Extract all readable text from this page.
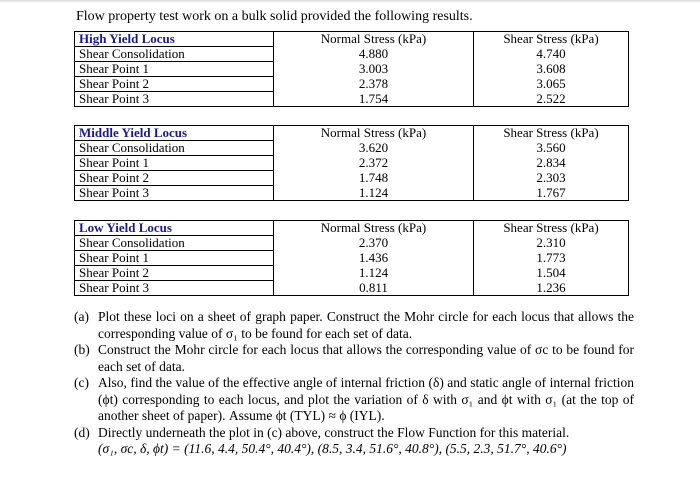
Flow property test work on a bulk solid provided the following results.
High Yield Locus	Normal Stress (kPa)	Shear Stress (kPa)
Shear Consolidation	4.880	4.740
Shear Point 1	3.003	3.608
Shear Point 2	2.378	3.065
Shear Point 3	1.754	2.522
Middle Yield Locus	Normal Stress (kPa)	Shear Stress (kPa)
Shear Consolidation	3.620	3.560
Shear Point 1	2.372	2.834
Shear Point 2	1.748	2.303
Shear Point 3	1.124	1.767
Low Yield Locus	Normal Stress (kPa)	Shear Stress (kPa)
Shear Consolidation	2.370	2.310
Shear Point 1	1.436	1.773
Shear Point 2	1.124	1.504
Shear Point 3	0.811	1.236

(a) Plot these loci on a sheet of graph paper. Construct the Mohr circle for each locus that allows the corresponding value of σ₁ to be found for each set of data.

(b) Construct the Mohr circle for each locus that allows the corresponding value of σc to be found for each set of data.

(c) Also, find the value of the effective angle of internal friction (δ) and static angle of internal friction (ϕt) corresponding to each locus, and plot the variation of δ with σ₁ and ϕt with σ₁ (at the top of another sheet of paper). Assume ϕt (TYL) ≈ ϕ (IYL).

(d) Directly underneath the plot in (c) above, construct the Flow Function for this material.

(σ₁, σc, δ, ϕt) = (11.6, 4.4, 50.4°, 40.4°), (8.5, 3.4, 51.6°, 40.8°), (5.5, 2.3, 51.7°, 40.6°)
